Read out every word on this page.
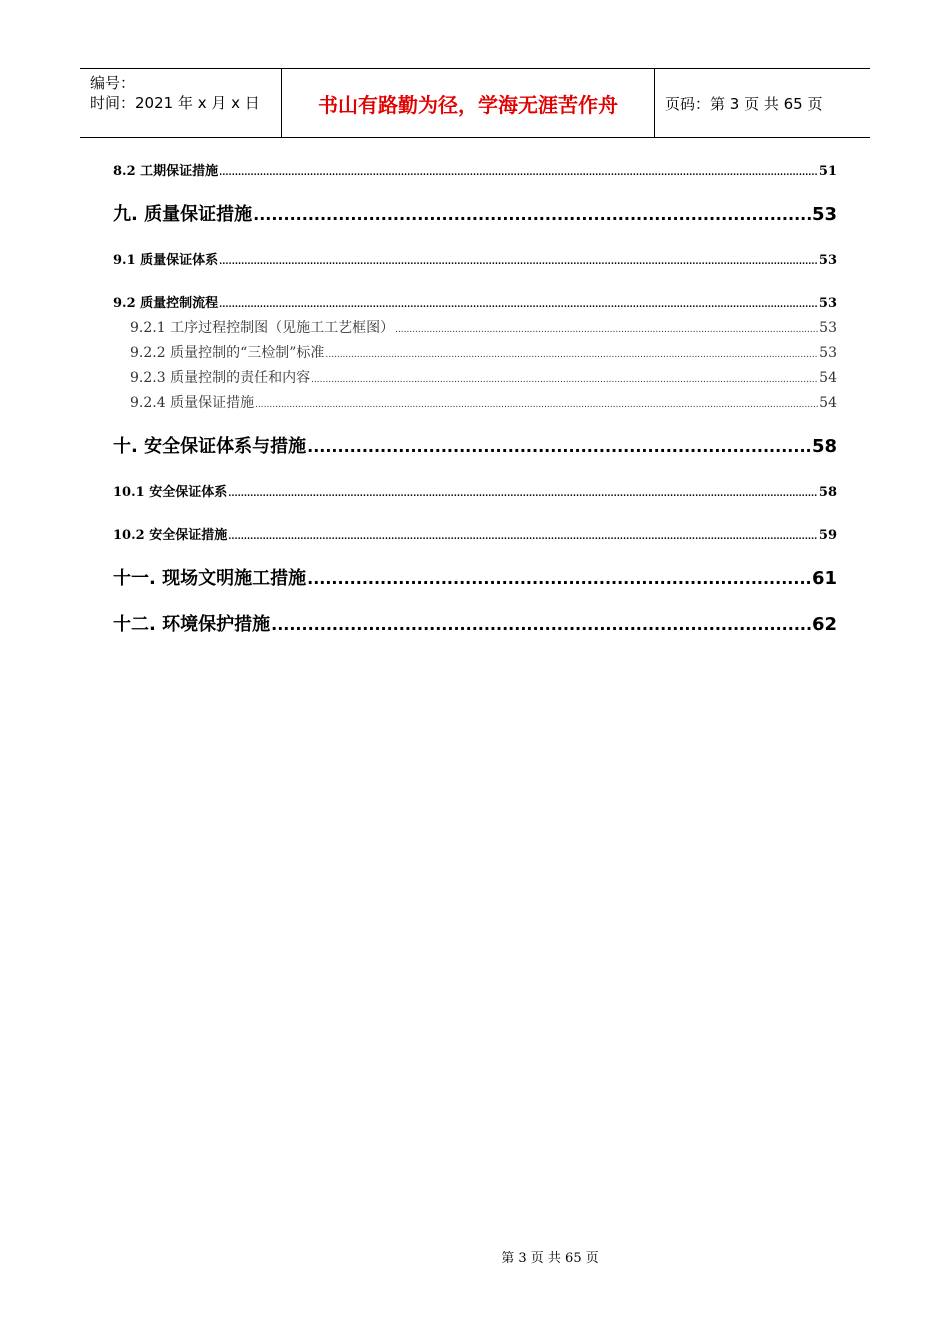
编号：
时间：2021 年 x 月 x 日	书山有路勤为径，学海无涯苦作舟	页码：第 3 页 共 65 页
8.2 工期保证措施 .....	51
九. 质量保证措施 .....	53
9.1 质量保证体系 .....	53
9.2 质量控制流程 .....	53
9.2.1 工序过程控制图（见施工工艺框图） .....	53
9.2.2 质量控制的“三检制”标准 .....	53
9.2.3 质量控制的责任和内容 .....	54
9.2.4 质量保证措施 .....	54
十. 安全保证体系与措施 .....	58
10.1 安全保证体系 .....	58
10.2 安全保证措施 .....	59
十一. 现场文明施工措施 .....	61
十二. 环境保护措施 .....	62
第 3 页 共 65 页
